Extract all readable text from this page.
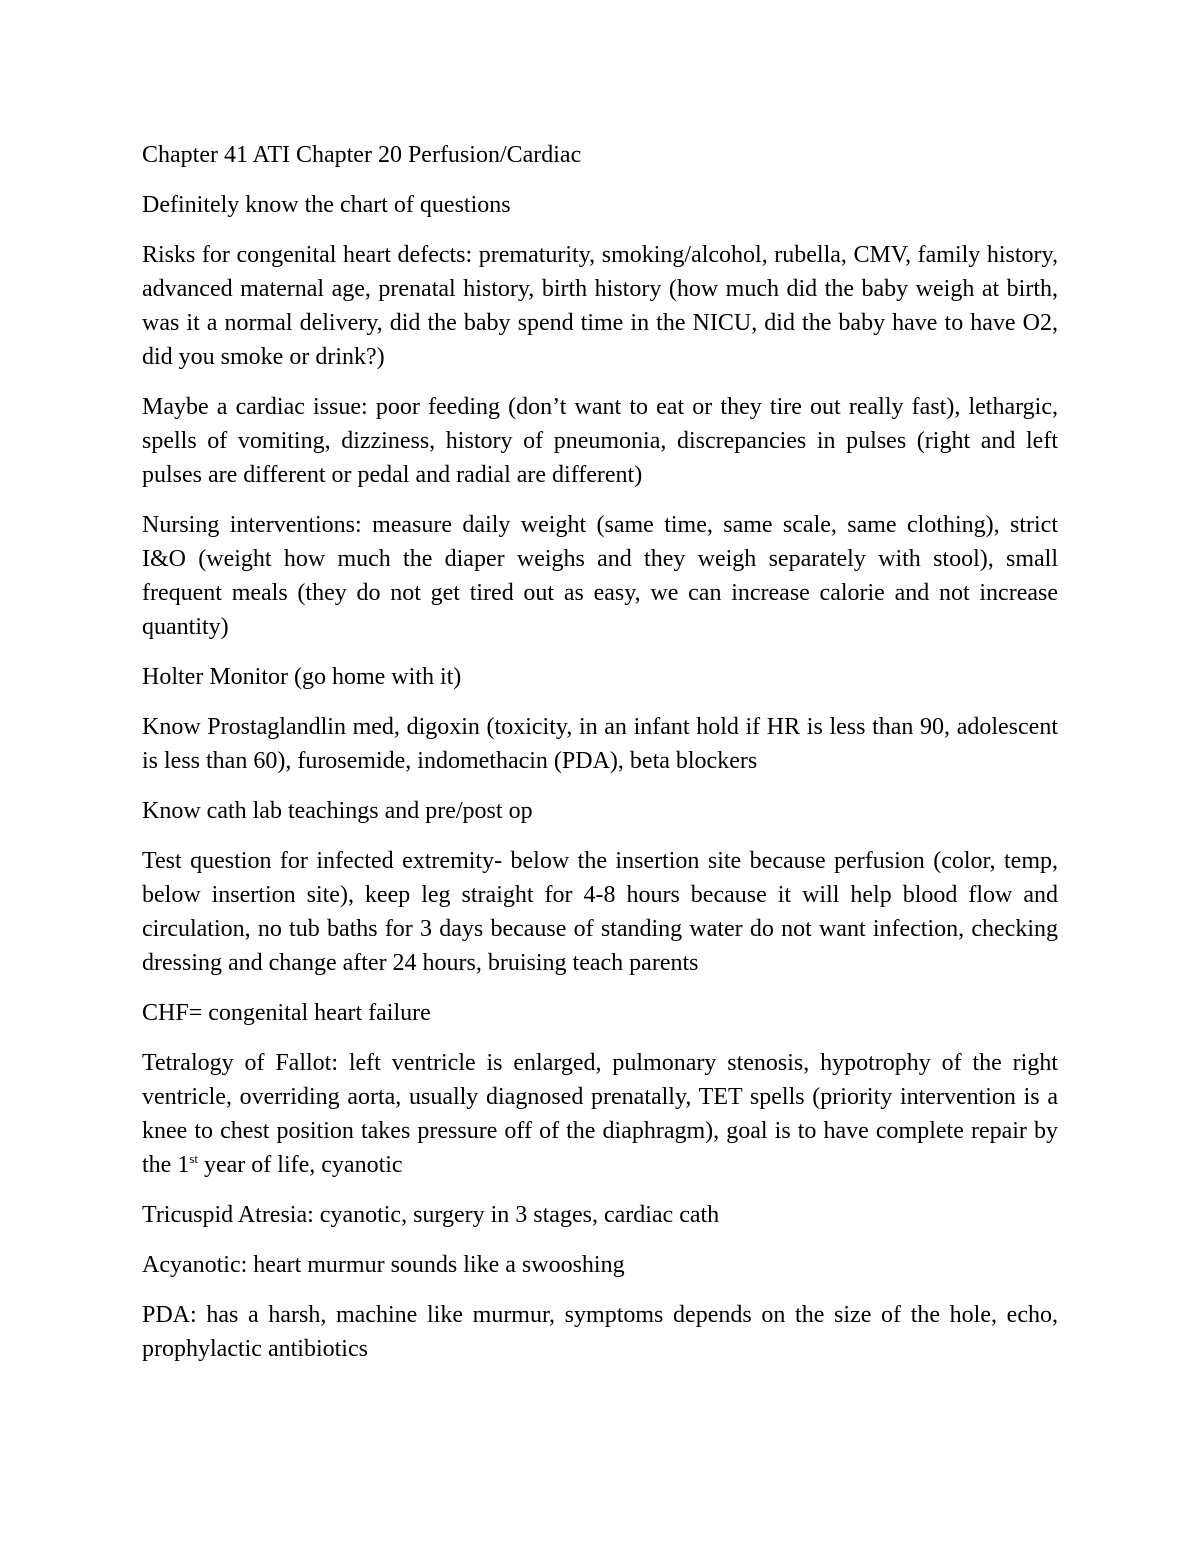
Chapter 41 ATI Chapter 20 Perfusion/Cardiac

Definitely know the chart of questions

Risks for congenital heart defects: prematurity, smoking/alcohol, rubella, CMV, family history, advanced maternal age, prenatal history, birth history (how much did the baby weigh at birth, was it a normal delivery, did the baby spend time in the NICU, did the baby have to have O2, did you smoke or drink?)

Maybe a cardiac issue: poor feeding (don’t want to eat or they tire out really fast), lethargic, spells of vomiting, dizziness, history of pneumonia, discrepancies in pulses (right and left pulses are different or pedal and radial are different)

Nursing interventions: measure daily weight (same time, same scale, same clothing), strict I&O (weight how much the diaper weighs and they weigh separately with stool), small frequent meals (they do not get tired out as easy, we can increase calorie and not increase quantity)

Holter Monitor (go home with it)

Know Prostaglandlin med, digoxin (toxicity, in an infant hold if HR is less than 90, adolescent is less than 60), furosemide, indomethacin (PDA), beta blockers

Know cath lab teachings and pre/post op

Test question for infected extremity- below the insertion site because perfusion (color, temp, below insertion site), keep leg straight for 4-8 hours because it will help blood flow and circulation, no tub baths for 3 days because of standing water do not want infection, checking dressing and change after 24 hours, bruising teach parents

CHF= congenital heart failure

Tetralogy of Fallot: left ventricle is enlarged, pulmonary stenosis, hypotrophy of the right ventricle, overriding aorta, usually diagnosed prenatally, TET spells (priority intervention is a knee to chest position takes pressure off of the diaphragm), goal is to have complete repair by the 1st year of life, cyanotic

Tricuspid Atresia: cyanotic, surgery in 3 stages, cardiac cath

Acyanotic: heart murmur sounds like a swooshing

PDA: has a harsh, machine like murmur, symptoms depends on the size of the hole, echo, prophylactic antibiotics
